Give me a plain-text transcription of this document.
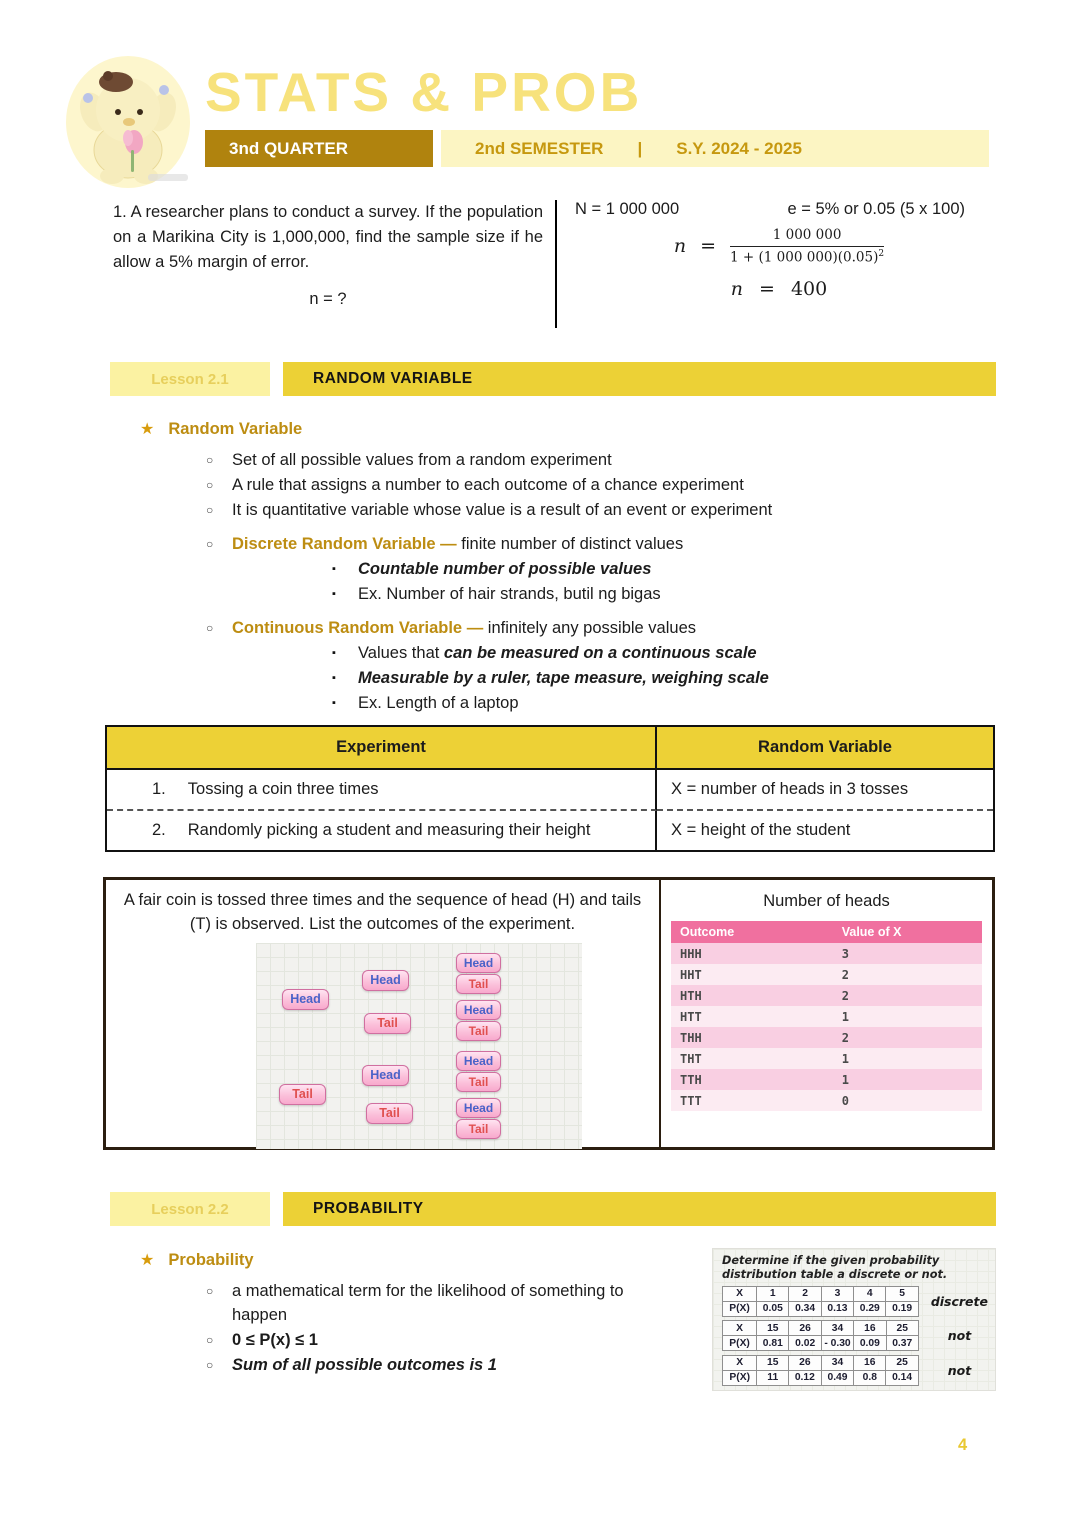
STATS & PROB
3nd QUARTER	2nd SEMESTER | S.Y. 2024 - 2025
1. A researcher plans to conduct a survey. If the population on a Marikina City is 1,000,000, find the sample size if he allow a 5% margin of error.
n = ?
N = 1 000 000	e = 5% or 0.05 (5 x 100)
$n = \frac{1 000 000}{1 + (1 000 000)(0.05)^2}$
n = 400
Lesson 2.1	RANDOM VARIABLE
★ Random Variable
○	Set of all possible values from a random experiment
○	A rule that assigns a number to each outcome of a chance experiment
○	It is quantitative variable whose value is a result of an event or experiment
○	Discrete Random Variable — finite number of distinct values
▪	Countable number of possible values
▪	Ex. Number of hair strands, butil ng bigas
○	Continuous Random Variable — infinitely any possible values
▪	Values that can be measured on a continuous scale
▪	Measurable by a ruler, tape measure, weighing scale
▪	Ex. Length of a laptop
Experiment	Random Variable
1. Tossing a coin three times	X = number of heads in 3 tosses
2. Randomly picking a student and measuring their height	X = height of the student
A fair coin is tossed three times and the sequence of head (H) and tails (T) is observed. List the outcomes of the experiment.
Head
Tail
Head
Tail
Head
Tail
Head
Tail
Head
Tail
Head
Tail
Head
Tail
Number of heads
Outcome	Value of X
HHH	3
HHT	2
HTH	2
HTT	1
THH	2
THT	1
TTH	1
TTT	0
Lesson 2.2	PROBABILITY
★ Probability
○	a mathematical term for the likelihood of something to happen
○	0 ≤ P(x) ≤ 1
○	Sum of all possible outcomes is 1
Determine if the given probability distribution table a discrete or not.
X	1	2	3	4	5
P(X)	0.05	0.34	0.13	0.29	0.19 discrete
X	15	26	34	16	25
P(X)	0.81	0.02	- 0.30	0.09	0.37	not
X	15	26	34	16	25
P(X)	11	0.12	0.49	0.8	0.14	not
4
